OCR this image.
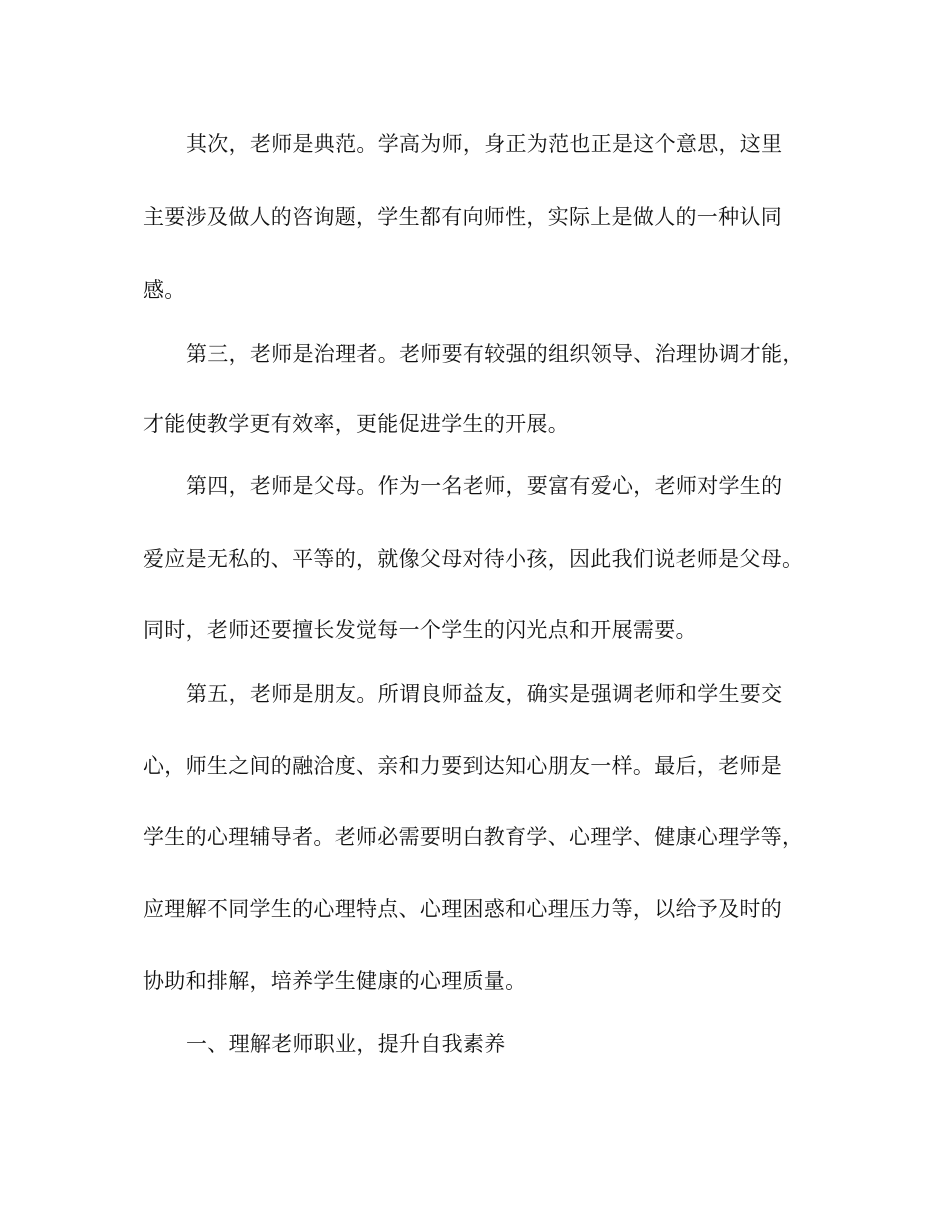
其次，老师是典范。学高为师，身正为范也正是这个意思，这里
主要涉及做人的咨询题，学生都有向师性，实际上是做人的一种认同
感。
第三，老师是治理者。老师要有较强的组织领导、治理协调才能，
才能使教学更有效率，更能促进学生的开展。
第四，老师是父母。作为一名老师，要富有爱心，老师对学生的
爱应是无私的、平等的，就像父母对待小孩，因此我们说老师是父母。
同时，老师还要擅长发觉每一个学生的闪光点和开展需要。
第五，老师是朋友。所谓良师益友，确实是强调老师和学生要交
心，师生之间的融洽度、亲和力要到达知心朋友一样。最后，老师是
学生的心理辅导者。老师必需要明白教育学、心理学、健康心理学等，
应理解不同学生的心理特点、心理困惑和心理压力等，以给予及时的
协助和排解，培养学生健康的心理质量。
一、理解老师职业，提升自我素养
